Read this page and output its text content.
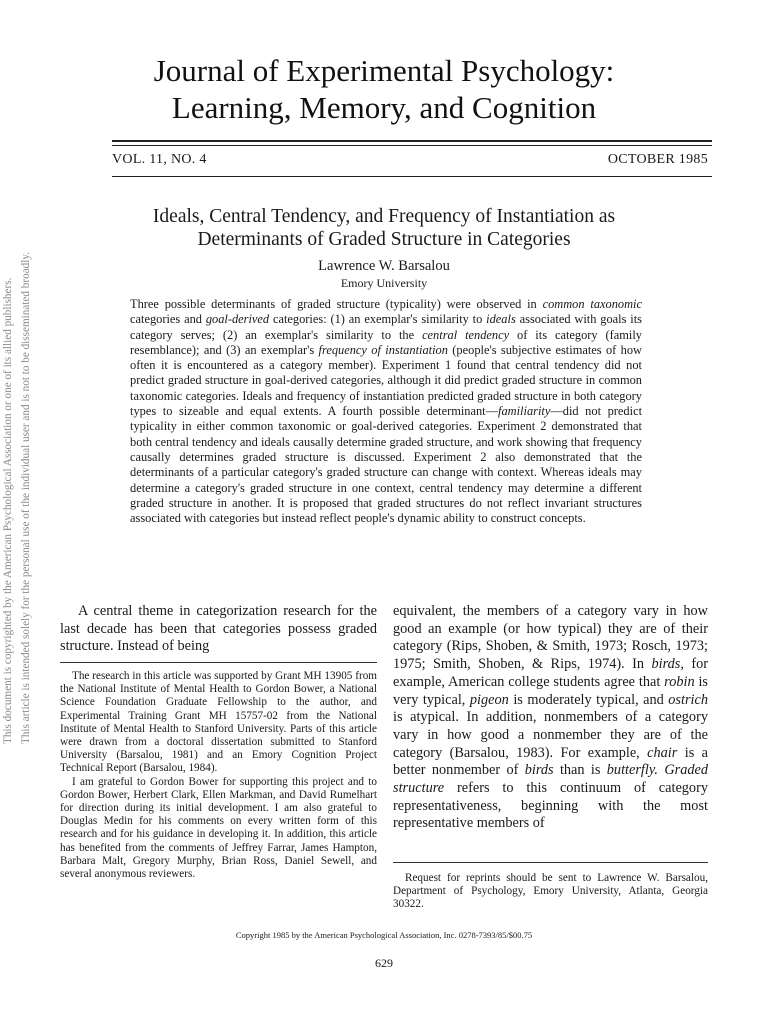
This document is copyrighted by the American Psychological Association or one of its allied publishers. This article is intended solely for the personal use of the individual user and is not to be disseminated broadly.
Journal of Experimental Psychology:
Learning, Memory, and Cognition
VOL. 11, NO. 4	OCTOBER 1985
Ideals, Central Tendency, and Frequency of Instantiation as
Determinants of Graded Structure in Categories
Lawrence W. Barsalou
Emory University

Three possible determinants of graded structure (typicality) were observed in common taxonomic categories and goal-derived categories: (1) an exemplar's similarity to ideals associated with goals its category serves; (2) an exemplar's similarity to the central tendency of its category (family resemblance); and (3) an exemplar's frequency of instantiation (people's subjective estimates of how often it is encountered as a category member). Experiment 1 found that central tendency did not predict graded structure in goal-derived categories, although it did predict graded structure in common taxonomic categories. Ideals and frequency of instantiation predicted graded structure in both category types to sizeable and equal extents. A fourth possible determinant—familiarity—did not predict typicality in either common taxonomic or goal-derived categories. Experiment 2 demonstrated that both central tendency and ideals causally determine graded structure, and work showing that frequency causally determines graded structure is discussed. Experiment 2 also demonstrated that the determinants of a particular category's graded structure can change with context. Whereas ideals may determine a category's graded structure in one context, central tendency may determine a different graded structure in another. It is proposed that graded structures do not reflect invariant structures associated with categories but instead reflect people's dynamic ability to construct concepts.

A central theme in categorization research for the last decade has been that categories possess graded structure. Instead of being

equivalent, the members of a category vary in how good an example (or how typical) they are of their category (Rips, Shoben, & Smith, 1973; Rosch, 1973; 1975; Smith, Shoben, & Rips, 1974). In birds, for example, American college students agree that robin is very typical, pigeon is moderately typical, and ostrich is atypical. In addition, nonmembers of a category vary in how good a nonmember they are of the category (Barsalou, 1983). For example, chair is a better nonmember of birds than is butterfly. Graded structure refers to this continuum of category representativeness, beginning with the most representative members of

The research in this article was supported by Grant MH 13905 from the National Institute of Mental Health to Gordon Bower, a National Science Foundation Graduate Fellowship to the author, and Experimental Training Grant MH 15757-02 from the National Institute of Mental Health to Stanford University. Parts of this article were drawn from a doctoral dissertation submitted to Stanford University (Barsalou, 1981) and an Emory Cognition Project Technical Report (Barsalou, 1984).

I am grateful to Gordon Bower for supporting this project and to Gordon Bower, Herbert Clark, Ellen Markman, and David Rumelhart for direction during its initial development. I am also grateful to Douglas Medin for his comments on every written form of this research and for his guidance in developing it. In addition, this article has benefited from the comments of Jeffrey Farrar, James Hampton, Barbara Malt, Gregory Murphy, Brian Ross, Daniel Sewell, and several anonymous reviewers.	Request for reprints should be sent to Lawrence W. Barsalou, Department of Psychology, Emory University, Atlanta, Georgia 30322.

Copyright 1985 by the American Psychological Association, Inc. 0278-7393/85/$00.75
629
